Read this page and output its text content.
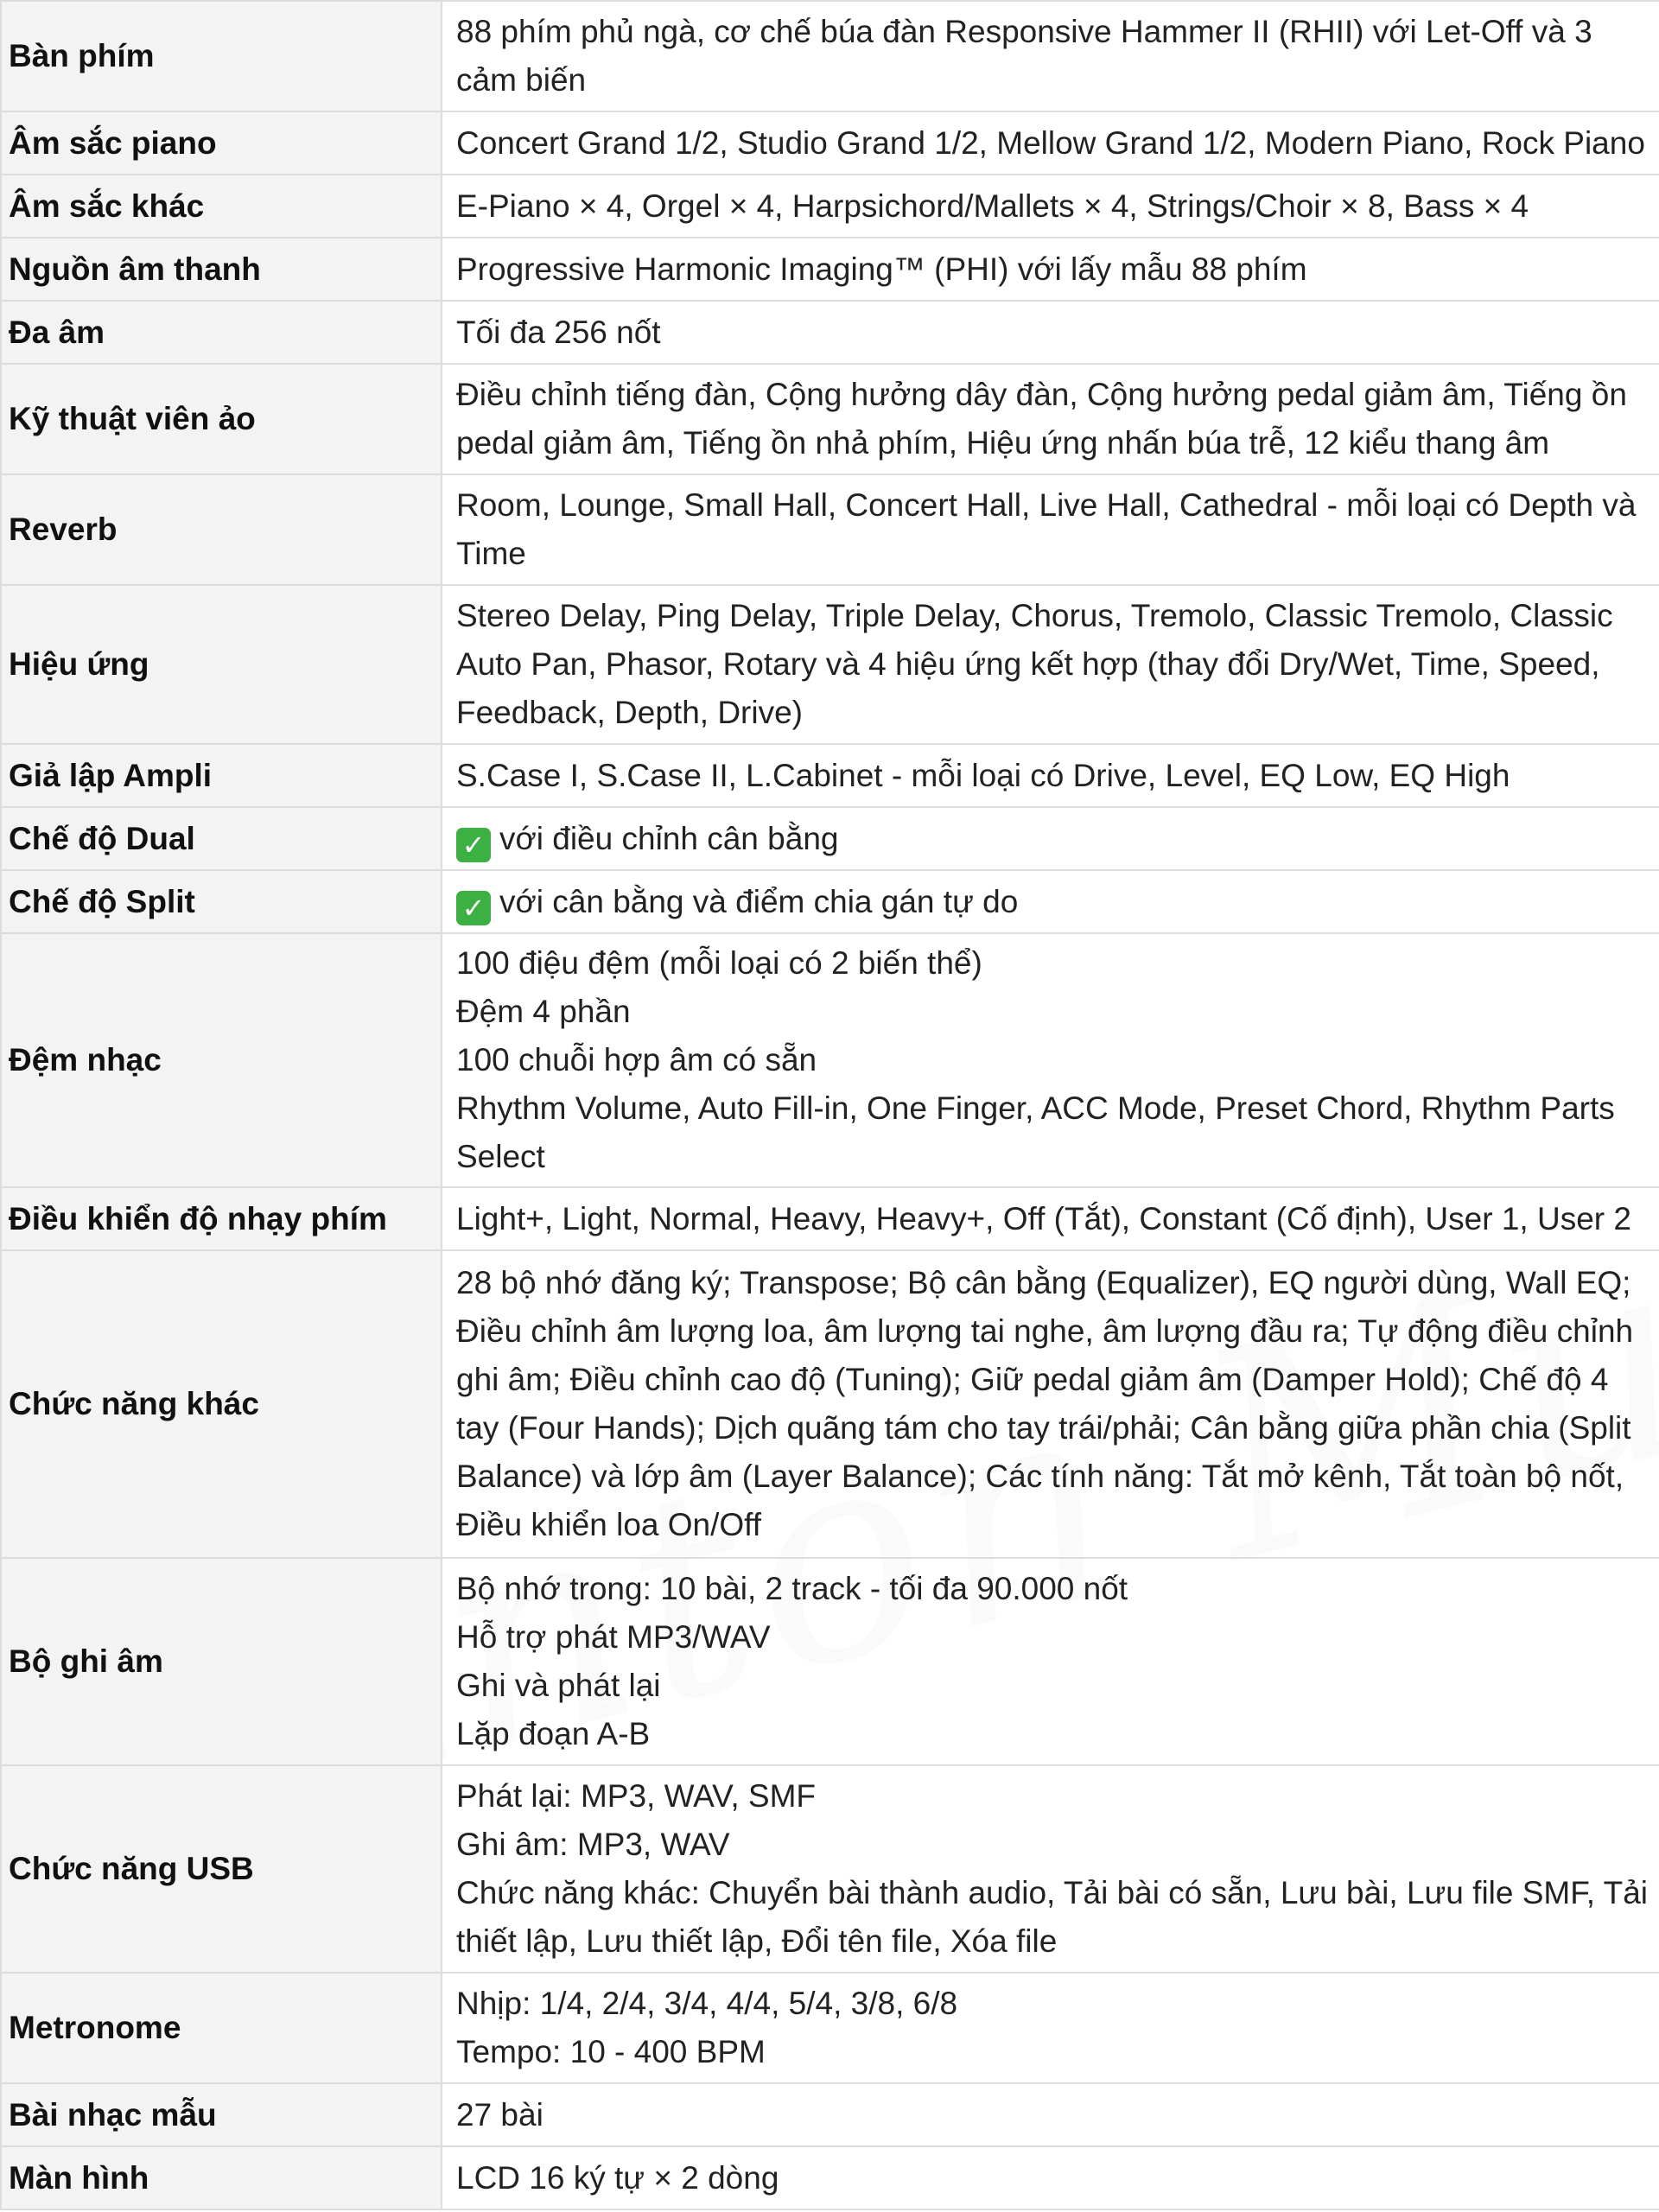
Bàn phím	88 phím phủ ngà, cơ chế búa đàn Responsive Hammer II (RHII) với Let-Off và 3 cảm biến

Âm sắc piano	Concert Grand 1/2, Studio Grand 1/2, Mellow Grand 1/2, Modern Piano, Rock Piano

Âm sắc khác	E-Piano × 4, Orgel × 4, Harpsichord/Mallets × 4, Strings/Choir × 8, Bass × 4

Nguồn âm thanh	Progressive Harmonic Imaging™ (PHI) với lấy mẫu 88 phím

Đa âm	Tối đa 256 nốt

Kỹ thuật viên ảo	Điều chỉnh tiếng đàn, Cộng hưởng dây đàn, Cộng hưởng pedal giảm âm, Tiếng ồn pedal giảm âm, Tiếng ồn nhả phím, Hiệu ứng nhấn búa trễ, 12 kiểu thang âm

Reverb	Room, Lounge, Small Hall, Concert Hall, Live Hall, Cathedral - mỗi loại có Depth và Time

Hiệu ứng	Stereo Delay, Ping Delay, Triple Delay, Chorus, Tremolo, Classic Tremolo, Classic Auto Pan, Phasor, Rotary và 4 hiệu ứng kết hợp (thay đổi Dry/Wet, Time, Speed, Feedback, Depth, Drive)

Giả lập Ampli	S.Case I, S.Case II, L.Cabinet - mỗi loại có Drive, Level, EQ Low, EQ High

Chế độ Dual	✓ với điều chỉnh cân bằng

Chế độ Split	✓ với cân bằng và điểm chia gán tự do

Đệm nhạc	100 điệu đệm (mỗi loại có 2 biến thể)
Đệm 4 phần
100 chuỗi hợp âm có sẵn
Rhythm Volume, Auto Fill-in, One Finger, ACC Mode, Preset Chord, Rhythm Parts Select

Điều khiển độ nhạy phím	Light+, Light, Normal, Heavy, Heavy+, Off (Tắt), Constant (Cố định), User 1, User 2

Chức năng khác	28 bộ nhớ đăng ký; Transpose; Bộ cân bằng (Equalizer), EQ người dùng, Wall EQ; Điều chỉnh âm lượng loa, âm lượng tai nghe, âm lượng đầu ra; Tự động điều chỉnh ghi âm; Điều chỉnh cao độ (Tuning); Giữ pedal giảm âm (Damper Hold); Chế độ 4 tay (Four Hands); Dịch quãng tám cho tay trái/phải; Cân bằng giữa phần chia (Split Balance) và lớp âm (Layer Balance); Các tính năng: Tắt mở kênh, Tắt toàn bộ nốt, Điều khiển loa On/Off

Bộ ghi âm	Bộ nhớ trong: 10 bài, 2 track - tối đa 90.000 nốt
Hỗ trợ phát MP3/WAV
Ghi và phát lại
Lặp đoạn A-B

Chức năng USB	Phát lại: MP3, WAV, SMF
Ghi âm: MP3, WAV
Chức năng khác: Chuyển bài thành audio, Tải bài có sẵn, Lưu bài, Lưu file SMF, Tải thiết lập, Lưu thiết lập, Đổi tên file, Xóa file

Metronome	Nhịp: 1/4, 2/4, 3/4, 4/4, 5/4, 3/8, 6/8
Tempo: 10 - 400 BPM

Bài nhạc mẫu	27 bài

Màn hình	LCD 16 ký tự × 2 dòng
